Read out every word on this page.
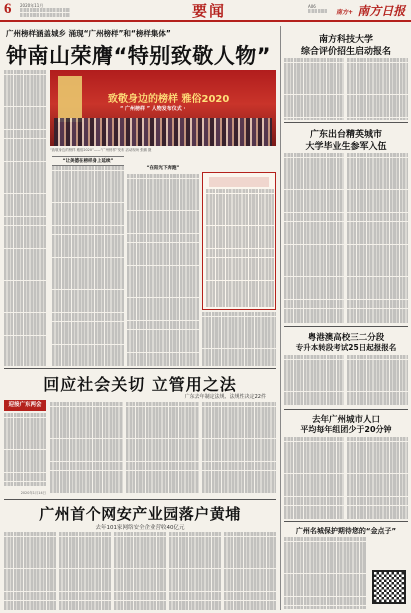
6 2020年11月	要闻	A06
南方+ 南方日报
广州榜样涵盖城乡 涌现“广州榜样”和“榜样集体”
钟南山荣膺“特别致敬人物”
致敬身边的榜样 雅俗2020
“ 广州榜样 ” 人物发布仪式 ·
“致敬身边的榜样 雅俗2020”——“广州榜样”发布 活动现场 张鹏 摄
“让美德在榜样身上延续”
“在阳光下奔跑”
南方科技大学
综合评价招生启动报名
广东出台精英城市
大学毕业生参军入伍
粤港澳高校三二分段
专升本转段考试25日起报报名
去年广州城市人口
平均每年组团少于20分钟
广州名城保护期待您的“金点子”
回应社会关切 立管用之法
广东去年制定法规、法规性决定22件
迎接广东两会
2020年1月14日
广州首个网安产业园落户黄埔
去年101家网络安全企业营收40亿元
